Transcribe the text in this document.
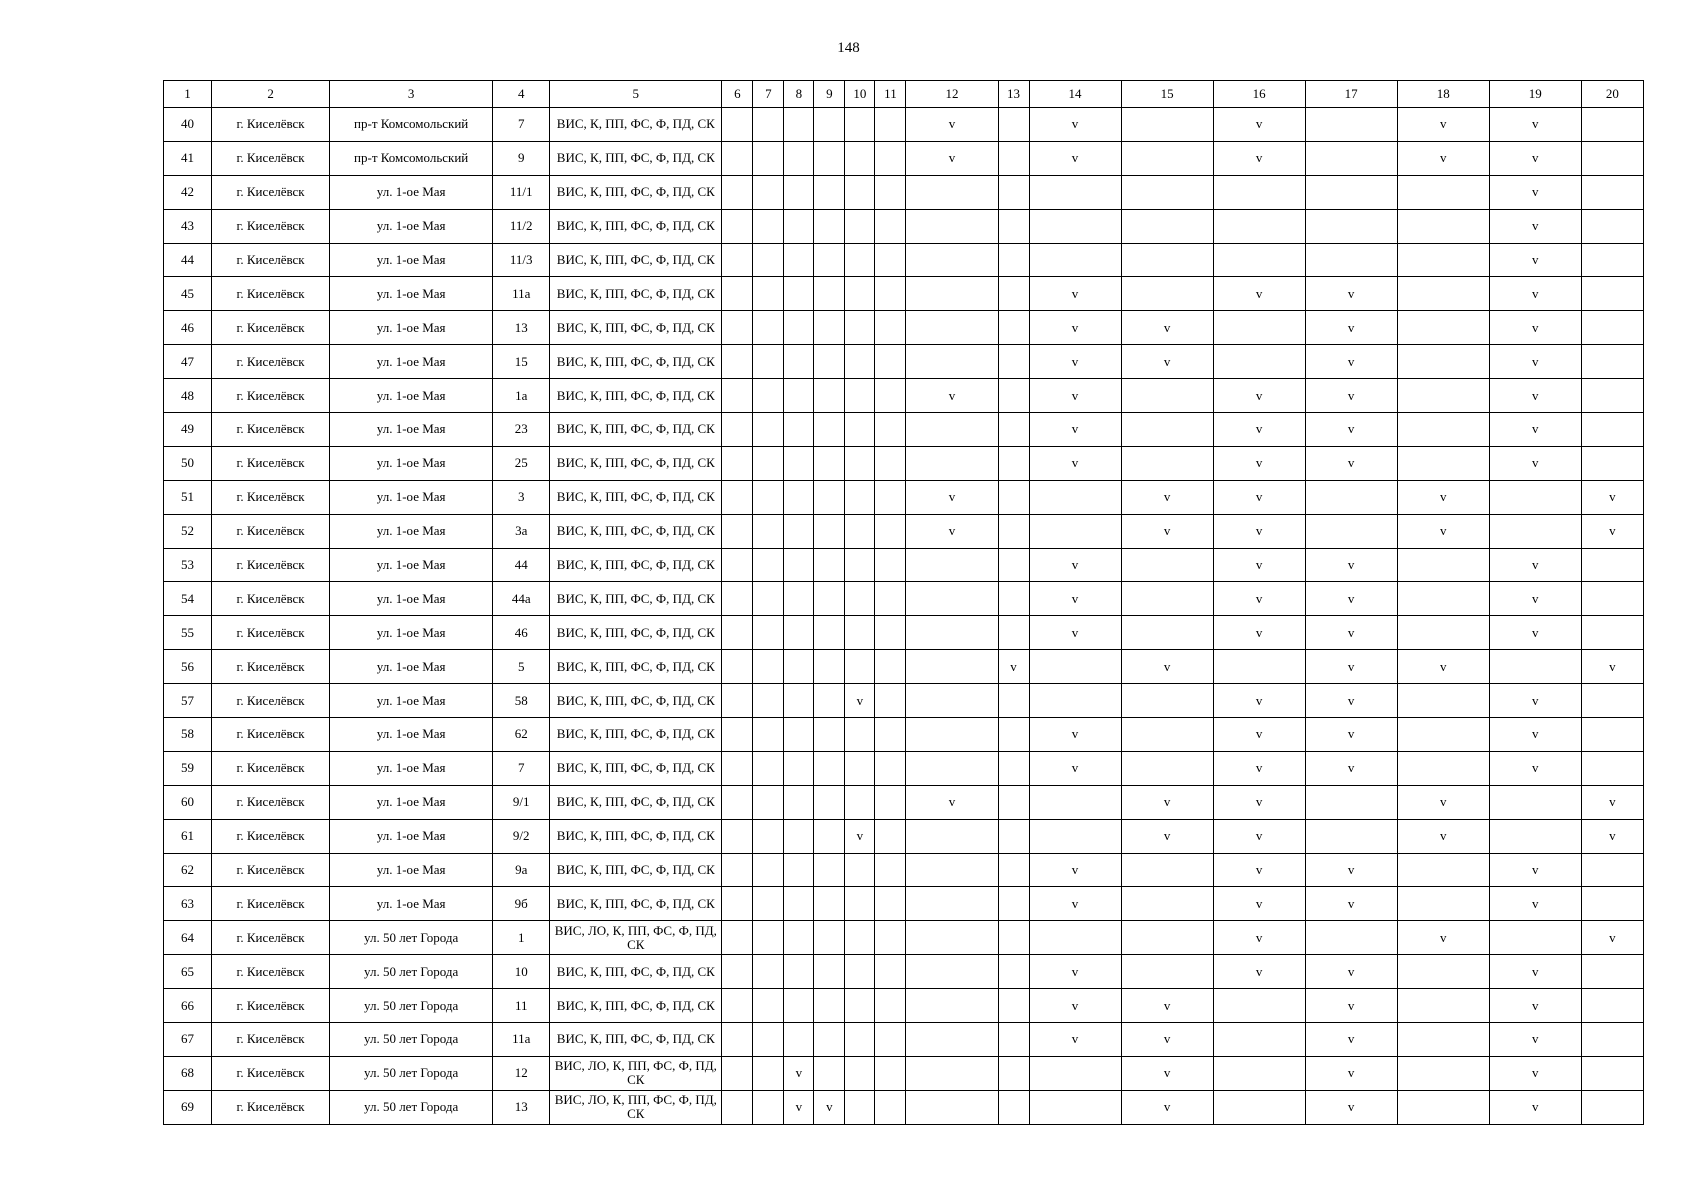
148
1	2	3	4	5	6	7	8	9	10	11	12	13	14	15	16	17	18	19	20
40	г. Киселёвск	пр-т Комсомольский	7	ВИС, К, ПП, ФС, Ф, ПД, СК							v		v		v		v	v	
41	г. Киселёвск	пр-т Комсомольский	9	ВИС, К, ПП, ФС, Ф, ПД, СК							v		v		v		v	v	
42	г. Киселёвск	ул. 1-ое Мая	11/1	ВИС, К, ПП, ФС, Ф, ПД, СК														v	
43	г. Киселёвск	ул. 1-ое Мая	11/2	ВИС, К, ПП, ФС, Ф, ПД, СК														v	
44	г. Киселёвск	ул. 1-ое Мая	11/3	ВИС, К, ПП, ФС, Ф, ПД, СК														v	
45	г. Киселёвск	ул. 1-ое Мая	11а	ВИС, К, ПП, ФС, Ф, ПД, СК									v		v	v		v	
46	г. Киселёвск	ул. 1-ое Мая	13	ВИС, К, ПП, ФС, Ф, ПД, СК									v	v		v		v	
47	г. Киселёвск	ул. 1-ое Мая	15	ВИС, К, ПП, ФС, Ф, ПД, СК									v	v		v		v	
48	г. Киселёвск	ул. 1-ое Мая	1а	ВИС, К, ПП, ФС, Ф, ПД, СК							v		v		v	v		v	
49	г. Киселёвск	ул. 1-ое Мая	23	ВИС, К, ПП, ФС, Ф, ПД, СК									v		v	v		v	
50	г. Киселёвск	ул. 1-ое Мая	25	ВИС, К, ПП, ФС, Ф, ПД, СК									v		v	v		v	
51	г. Киселёвск	ул. 1-ое Мая	3	ВИС, К, ПП, ФС, Ф, ПД, СК							v			v	v		v		v
52	г. Киселёвск	ул. 1-ое Мая	3а	ВИС, К, ПП, ФС, Ф, ПД, СК							v			v	v		v		v
53	г. Киселёвск	ул. 1-ое Мая	44	ВИС, К, ПП, ФС, Ф, ПД, СК									v		v	v		v	
54	г. Киселёвск	ул. 1-ое Мая	44а	ВИС, К, ПП, ФС, Ф, ПД, СК									v		v	v		v	
55	г. Киселёвск	ул. 1-ое Мая	46	ВИС, К, ПП, ФС, Ф, ПД, СК									v		v	v		v	
56	г. Киселёвск	ул. 1-ое Мая	5	ВИС, К, ПП, ФС, Ф, ПД, СК								v		v		v	v		v
57	г. Киселёвск	ул. 1-ое Мая	58	ВИС, К, ПП, ФС, Ф, ПД, СК					v						v	v		v	
58	г. Киселёвск	ул. 1-ое Мая	62	ВИС, К, ПП, ФС, Ф, ПД, СК									v		v	v		v	
59	г. Киселёвск	ул. 1-ое Мая	7	ВИС, К, ПП, ФС, Ф, ПД, СК									v		v	v		v	
60	г. Киселёвск	ул. 1-ое Мая	9/1	ВИС, К, ПП, ФС, Ф, ПД, СК							v			v	v		v		v
61	г. Киселёвск	ул. 1-ое Мая	9/2	ВИС, К, ПП, ФС, Ф, ПД, СК					v					v	v		v		v
62	г. Киселёвск	ул. 1-ое Мая	9а	ВИС, К, ПП, ФС, Ф, ПД, СК									v		v	v		v	
63	г. Киселёвск	ул. 1-ое Мая	9б	ВИС, К, ПП, ФС, Ф, ПД, СК									v		v	v		v	
64	г. Киселёвск	ул. 50 лет Города	1	ВИС, ЛО, К, ПП, ФС, Ф, ПД, СК											v		v		v
65	г. Киселёвск	ул. 50 лет Города	10	ВИС, К, ПП, ФС, Ф, ПД, СК									v		v	v		v	
66	г. Киселёвск	ул. 50 лет Города	11	ВИС, К, ПП, ФС, Ф, ПД, СК									v	v		v		v	
67	г. Киселёвск	ул. 50 лет Города	11а	ВИС, К, ПП, ФС, Ф, ПД, СК									v	v		v		v	
68	г. Киселёвск	ул. 50 лет Города	12	ВИС, ЛО, К, ПП, ФС, Ф, ПД, СК			v							v		v		v	
69	г. Киселёвск	ул. 50 лет Города	13	ВИС, ЛО, К, ПП, ФС, Ф, ПД, СК			v	v						v		v		v	
